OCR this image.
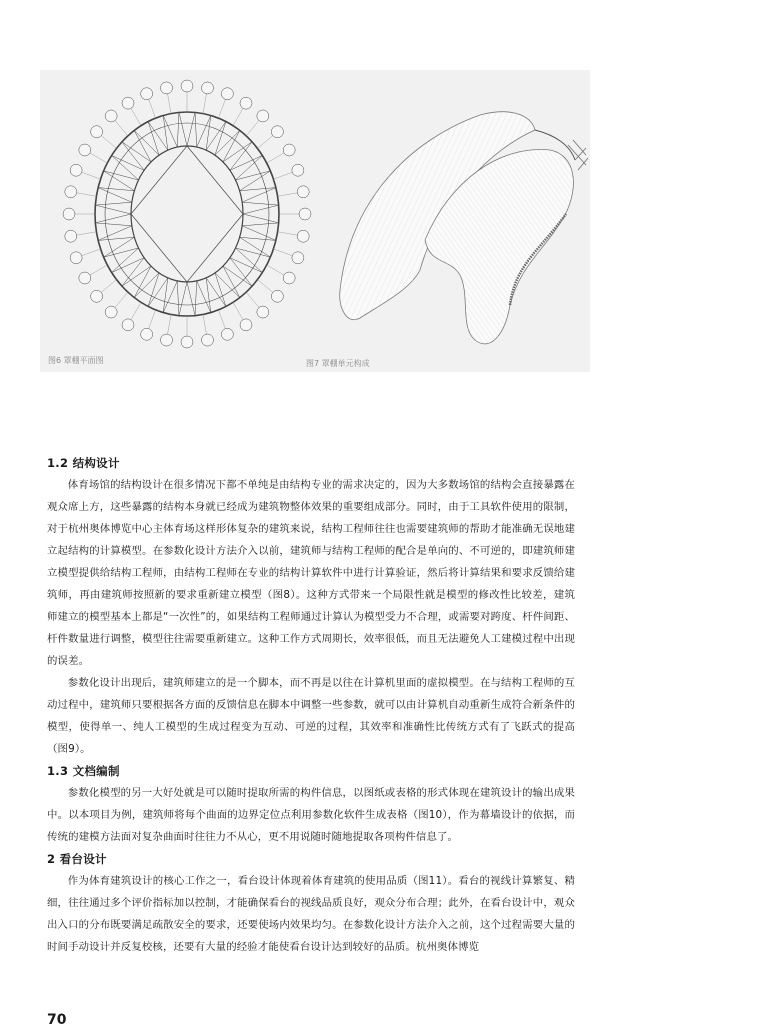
图6 罩棚平面图	图7 罩棚单元构成
1.2 结构设计

体育场馆的结构设计在很多情况下都不单纯是由结构专业的需求决定的，因为大多数场馆的结构会直接暴露在观众席上方，这些暴露的结构本身就已经成为建筑物整体效果的重要组成部分。同时，由于工具软件使用的限制，对于杭州奥体博览中心主体育场这样形体复杂的建筑来说，结构工程师往往也需要建筑师的帮助才能准确无误地建立起结构的计算模型。在参数化设计方法介入以前，建筑师与结构工程师的配合是单向的、不可逆的，即建筑师建立模型提供给结构工程师，由结构工程师在专业的结构计算软件中进行计算验证，然后将计算结果和要求反馈给建筑师，再由建筑师按照新的要求重新建立模型（图8）。这种方式带来一个局限性就是模型的修改性比较差，建筑师建立的模型基本上都是“一次性”的，如果结构工程师通过计算认为模型受力不合理，或需要对跨度、杆件间距、杆件数量进行调整，模型往往需要重新建立。这种工作方式周期长，效率很低，而且无法避免人工建模过程中出现的误差。

参数化设计出现后，建筑师建立的是一个脚本，而不再是以往在计算机里面的虚拟模型。在与结构工程师的互动过程中，建筑师只要根据各方面的反馈信息在脚本中调整一些参数，就可以由计算机自动重新生成符合新条件的模型，使得单一、纯人工模型的生成过程变为互动、可逆的过程，其效率和准确性比传统方式有了飞跃式的提高（图9）。

1.3 文档编制

参数化模型的另一大好处就是可以随时提取所需的构件信息，以图纸或表格的形式体现在建筑设计的输出成果中。以本项目为例，建筑师将每个曲面的边界定位点利用参数化软件生成表格（图10），作为幕墙设计的依据，而传统的建模方法面对复杂曲面时往往力不从心，更不用说随时随地提取各项构件信息了。

2 看台设计

作为体育建筑设计的核心工作之一，看台设计体现着体育建筑的使用品质（图11）。看台的视线计算繁复、精细，往往通过多个评价指标加以控制，才能确保看台的视线品质良好，观众分布合理；此外，在看台设计中，观众出入口的分布既要满足疏散安全的要求，还要使场内效果均匀。在参数化设计方法介入之前，这个过程需要大量的时间手动设计并反复校核，还要有大量的经验才能使看台设计达到较好的品质。杭州奥体博览

70
